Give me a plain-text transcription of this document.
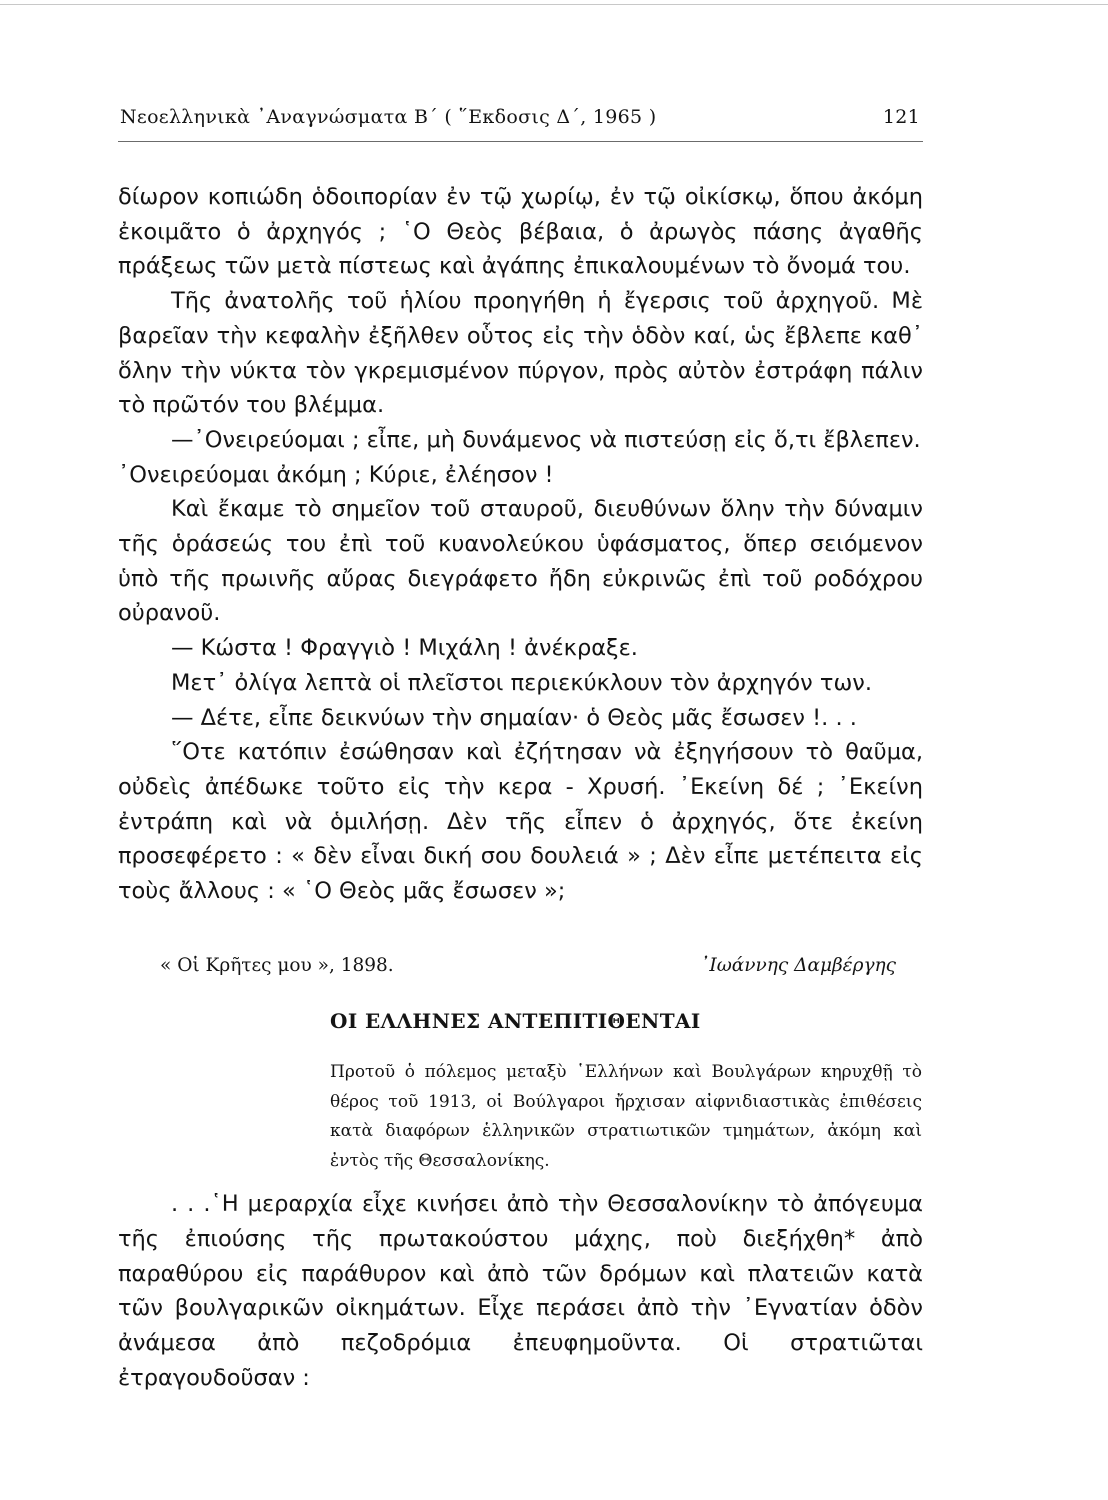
Νεοελληνικὰ ᾿Αναγνώσματα Β΄ ( ῞Εκδοσις Δ΄, 1965 )	121

δίωρον κοπιώδη ὁδοιπορίαν ἐν τῷ χωρίῳ, ἐν τῷ οἰκίσκῳ, ὅπου ἀκόμη ἐκοιμᾶτο ὁ ἀρχηγός ; ῾Ο Θεὸς βέβαια, ὁ ἀρωγὸς πάσης ἀγαθῆς πράξεως τῶν μετὰ πίστεως καὶ ἀγάπης ἐπικαλουμένων τὸ ὄνομά του.

Τῆς ἀνατολῆς τοῦ ἡλίου προηγήθη ἡ ἔγερσις τοῦ ἀρχηγοῦ. Μὲ βαρεῖαν τὴν κεφαλὴν ἐξῆλθεν οὗτος εἰς τὴν ὁδὸν καί, ὡς ἔβλεπε καθ᾿ ὅλην τὴν νύκτα τὸν γκρεμισμένον πύργον, πρὸς αὐτὸν ἐστράφη πάλιν τὸ πρῶτόν του βλέμμα.

—᾿Ονειρεύομαι ; εἶπε, μὴ δυνάμενος νὰ πιστεύσῃ εἰς ὅ,τι ἔβλεπεν.

᾿Ονειρεύομαι ἀκόμη ; Κύριε, ἐλέησον !

Καὶ ἔκαμε τὸ σημεῖον τοῦ σταυροῦ, διευθύνων ὅλην τὴν δύναμιν τῆς ὁράσεώς του ἐπὶ τοῦ κυανολεύκου ὑφάσματος, ὅπερ σειόμενον ὑπὸ τῆς πρωινῆς αὔρας διεγράφετο ἤδη εὐκρινῶς ἐπὶ τοῦ ροδόχρου οὐρανοῦ.

— Κώστα ! Φραγγιὸ ! Μιχάλη ! ἀνέκραξε.

Μετ᾿ ὀλίγα λεπτὰ οἱ πλεῖστοι περιεκύκλουν τὸν ἀρχηγόν των.

— Δέτε, εἶπε δεικνύων τὴν σημαίαν· ὁ Θεὸς μᾶς ἔσωσεν !. . .

῞Οτε κατόπιν ἐσώθησαν καὶ ἐζήτησαν νὰ ἐξηγήσουν τὸ θαῦμα, οὐδεὶς ἀπέδωκε τοῦτο εἰς τὴν κερα - Χρυσή. ᾿Εκείνη δέ ; ᾿Εκείνη ἐντράπη καὶ νὰ ὁμιλήσῃ. Δὲν τῆς εἶπεν ὁ ἀρχηγός, ὅτε ἐκείνη προσεφέρετο : « δὲν εἶναι δική σου δουλειά » ; Δὲν εἶπε μετέπειτα εἰς τοὺς ἄλλους : « ῾Ο Θεὸς μᾶς ἔσωσεν »;

« Οἱ Κρῆτες μου », 1898.	᾿Ιωάννης Δαμβέργης
ΟΙ ΕΛΛΗΝΕΣ ΑΝΤΕΠΙΤΙΘΕΝΤΑΙ

Προτοῦ ὁ πόλεμος μεταξὺ ῾Ελλήνων καὶ Βουλγάρων κηρυχθῇ τὸ θέρος τοῦ 1913, οἱ Βούλγαροι ἤρχισαν αἰφνιδιαστικὰς ἐπιθέσεις κατὰ διαφόρων ἑλληνικῶν στρατιωτικῶν τμημάτων, ἀκόμη καὶ ἐντὸς τῆς Θεσσαλονίκης.

. . .῾Η μεραρχία εἶχε κινήσει ἀπὸ τὴν Θεσσαλονίκην τὸ ἀπόγευμα τῆς ἐπιούσης τῆς πρωτακούστου μάχης, ποὺ διεξήχθη* ἀπὸ παραθύρου εἰς παράθυρον καὶ ἀπὸ τῶν δρόμων καὶ πλατειῶν κατὰ τῶν βουλγαρικῶν οἰκημάτων. Εἶχε περάσει ἀπὸ τὴν ᾿Εγνατίαν ὁδὸν ἀνάμεσα ἀπὸ πεζοδρόμια ἐπευφημοῦντα. Οἱ στρατιῶται ἐτραγουδοῦσαν :
